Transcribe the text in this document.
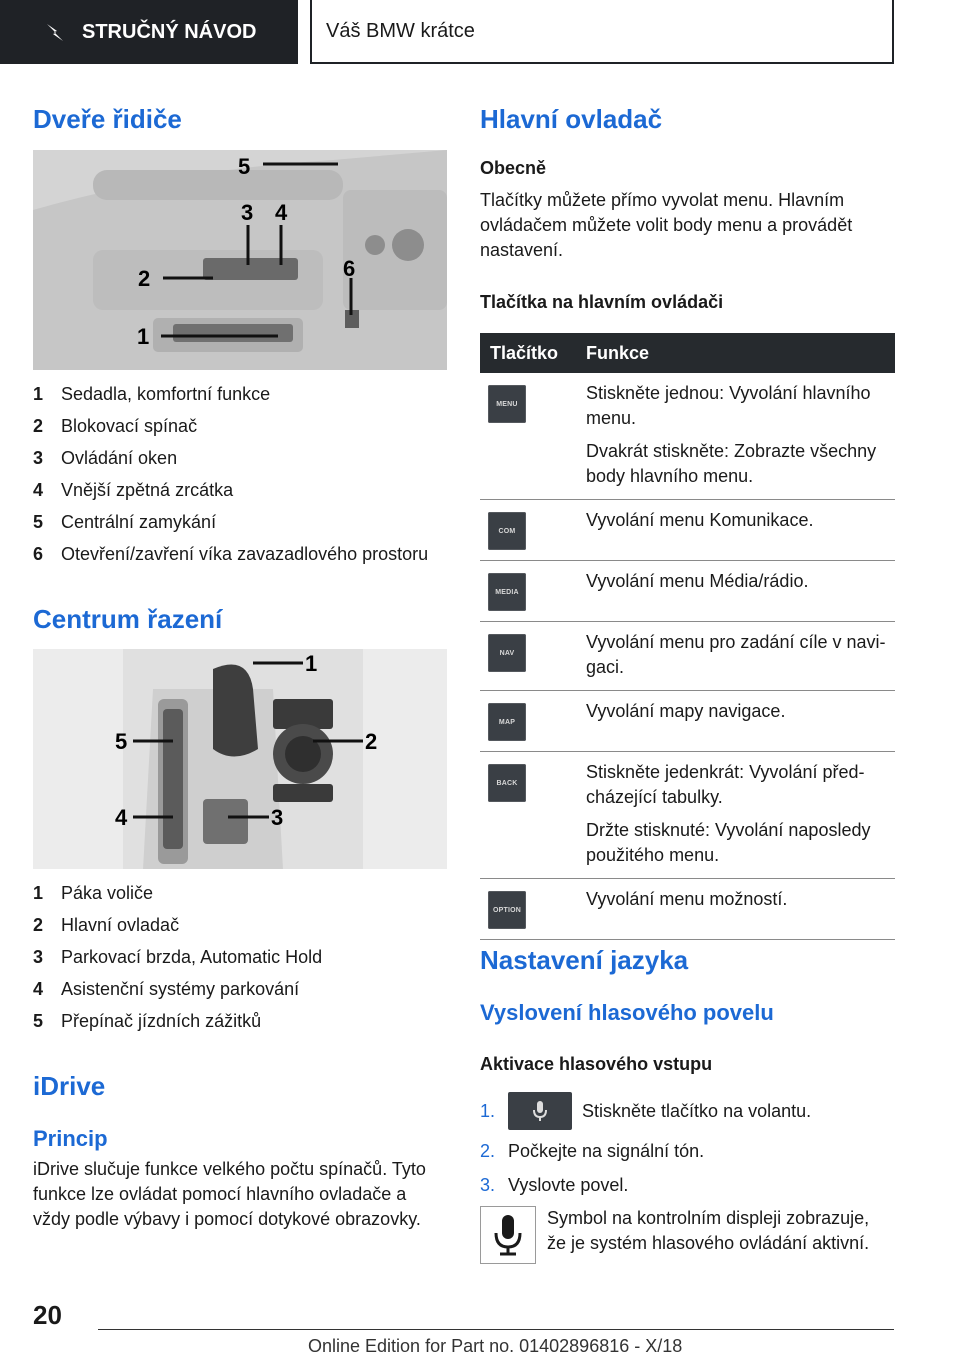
STRUČNÝ NÁVOD	Váš BMW krátce
Dveře řidiče
5
3 4
2	6
1
1 Sedadla, komfortní funkce
2 Blokovací spínač
3 Ovládání oken
4 Vnější zpětná zrcátka
5 Centrální zamykání
6 Otevření/zavření víka zavazadlového prostoru
Centrum řazení
1
2
5
4	3
1 Páka voliče
2 Hlavní ovladač
3 Parkovací brzda, Automatic Hold
4 Asistenční systémy parkování
5 Přepínač jízdních zážitků
iDrive
Princip

iDrive slučuje funkce velkého počtu spínačů. Tyto funkce lze ovládat pomocí hlavního ovladače a vždy podle výbavy i pomocí dotykové obrazovky.

Hlavní ovladač
Obecně

Tlačítky můžete přímo vyvolat menu. Hlavním ovládačem můžete volit body menu a provádět nastavení.

Tlačítka na hlavním ovládači
Tlačítko	Funkce

MENU	Stiskněte jednou: Vyvolání hlavního menu.

Dvakrát stiskněte: Zobrazte všechny body hlavního menu.

COM	Vyvolání menu Komunikace.

MEDIA	Vyvolání menu Média/rádio.

NAV	Vyvolání menu pro zadání cíle v navigaci.

MAP	Vyvolání mapy navigace.

BACK	Stiskněte jedenkrát: Vyvolání předcházející tabulky.

Držte stisknuté: Vyvolání naposledy použitého menu.

OPTION	Vyvolání menu možností.

Nastavení jazyka
Vyslovení hlasového povelu
Aktivace hlasového vstupu
1.	Stiskněte tlačítko na volantu.
2. Počkejte na signální tón.
3. Vyslovte povel.

Symbol na kontrolním displeji zobrazuje, že je systém hlasového ovládání aktivní.

20
Online Edition for Part no. 01402896816 - X/18
